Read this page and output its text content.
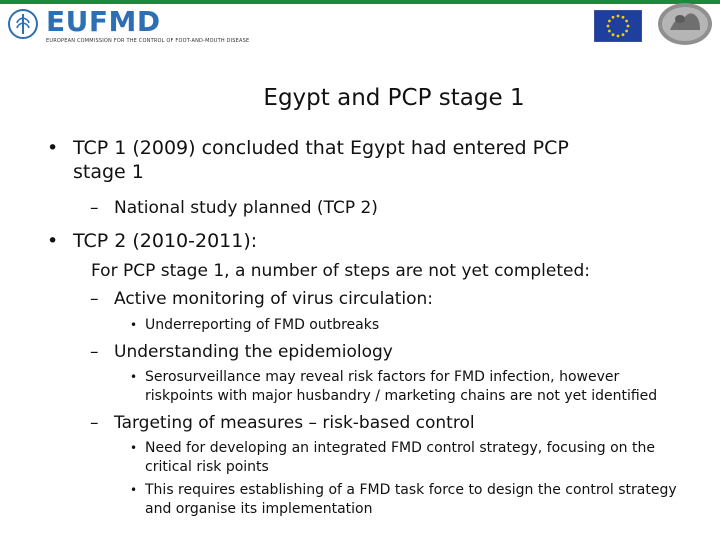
EUFMD
EUROPEAN COMMISSION FOR THE CONTROL OF FOOT-AND-MOUTH DISEASE
Egypt and PCP stage 1
• TCP 1 (2009) concluded that Egypt had entered PCP
stage 1
– National study planned (TCP 2)
• TCP 2 (2010-2011):
For PCP stage 1, a number of steps are not yet completed:
– Active monitoring of virus circulation:
• Underreporting of FMD outbreaks
– Understanding the epidemiology
• Serosurveillance may reveal risk factors for FMD infection, however
riskpoints with major husbandry / marketing chains are not yet identified
– Targeting of measures – risk-based control
• Need for developing an integrated FMD control strategy, focusing on the
critical risk points
• This requires establishing of a FMD task force to design the control strategy
and organise its implementation
